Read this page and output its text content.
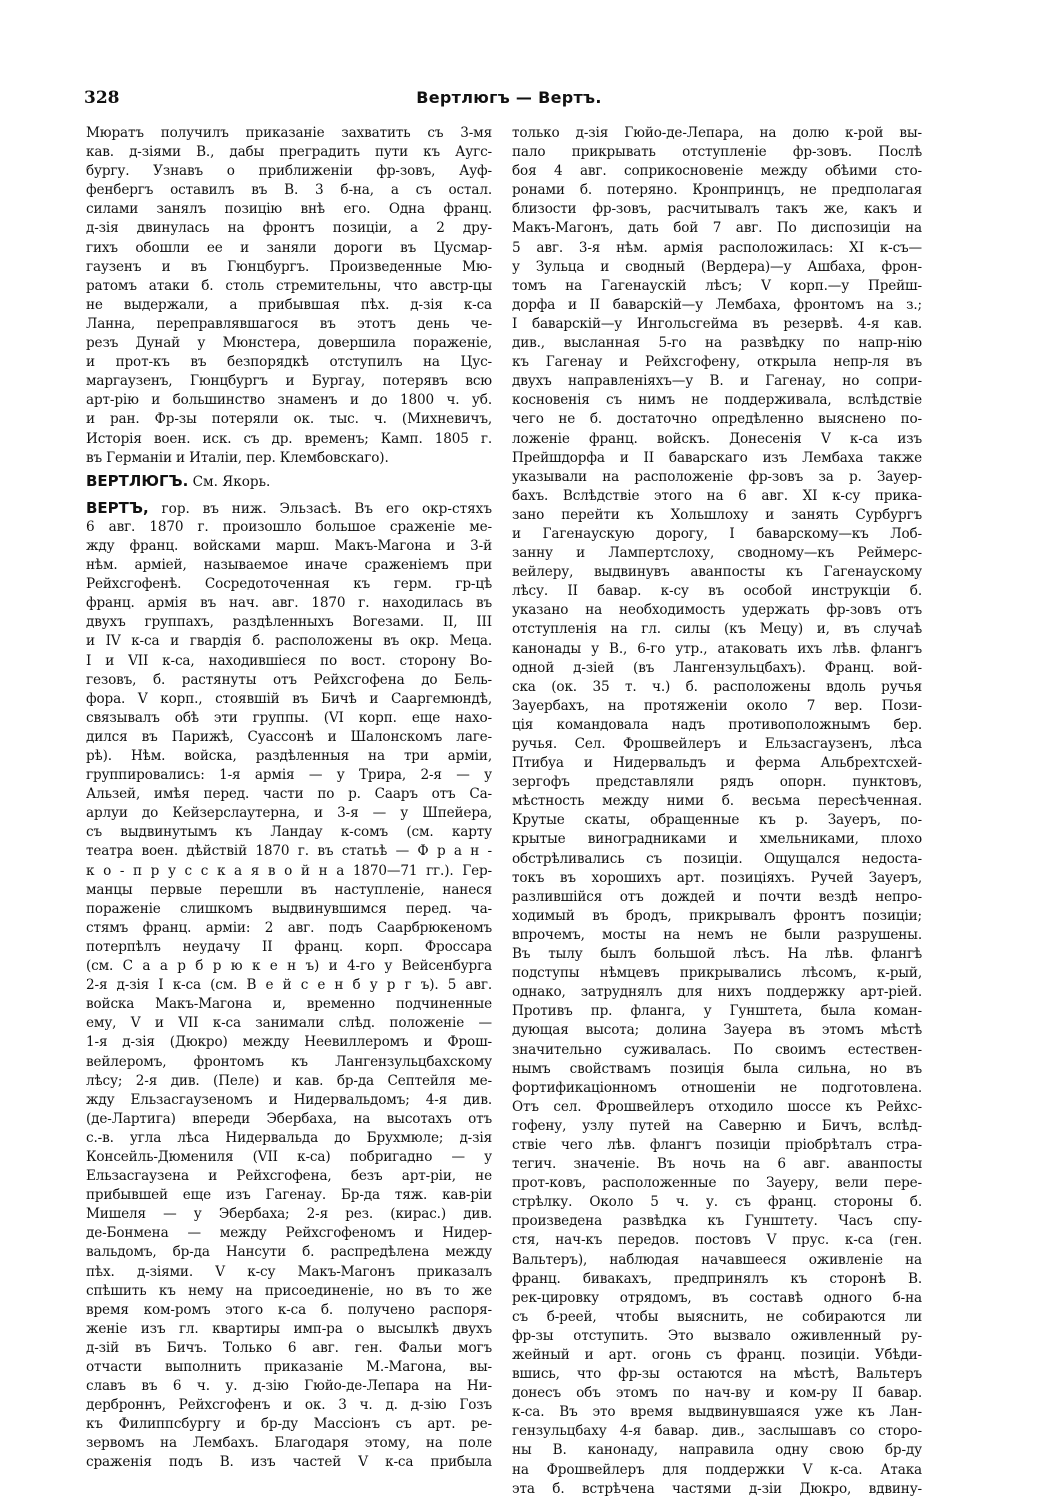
328	Вертлюгъ — Вертъ.
Мюратъ получилъ приказаніе захватить съ 3-мя
кав. д-зіями В., дабы преградить пути къ Аугс-
бургу. Узнавъ о приближеніи фр-зовъ, Ауф-
фенбергъ оставилъ въ В. 3 б-на, а съ остал.
силами занялъ позицію внѣ его. Одна франц.
д-зія двинулась на фронтъ позиціи, а 2 дру-
гихъ обошли ее и заняли дороги въ Цусмар-
гаузенъ и въ Гюнцбургъ. Произведенные Мю-
ратомъ атаки б. столь стремительны, что австр-цы
не выдержали, а прибывшая пѣх. д-зія к-са
Ланна, переправлявшагося въ этотъ день че-
резъ Дунай у Мюнстера, довершила пораженіе,
и прот-къ въ безпорядкѣ отступилъ на Цус-
маргаузенъ, Гюнцбургъ и Бургау, потерявъ всю
арт-рію и большинство знаменъ и до 1800 ч. уб.
и ран. Фр-зы потеряли ок. тыс. ч. (Михневичъ,
Исторія воен. иск. съ др. временъ; Камп. 1805 г.
въ Германіи и Италіи, пер. Клембовскаго).
ВЕРТЛЮГЪ. См. Якорь.
ВЕРТЪ, гор. въ ниж. Эльзасѣ. Въ его окр-стяхъ
6 авг. 1870 г. произошло большое сраженіе ме-
жду франц. войсками марш. Макъ-Магона и 3-й
нѣм. арміей, называемое иначе сраженіемъ при
Рейхсгофенѣ. Сосредоточенная къ герм. гр-цѣ
франц. армія въ нач. авг. 1870 г. находилась въ
двухъ группахъ, раздѣленныхъ Вогезами. II, III
и IV к-са и гвардія б. расположены въ окр. Меца.
I и VII к-са, находившіеся по вост. сторону Во-
гезовъ, б. растянуты отъ Рейхсгофена до Бель-
фора. V корп., стоявшій въ Бичѣ и Сааргемюндѣ,
связывалъ обѣ эти группы. (VI корп. еще нахо-
дился въ Парижѣ, Суассонѣ и Шалонскомъ лаге-
рѣ). Нѣм. войска, раздѣленныя на три арміи,
группировались: 1-я армія — у Трира, 2-я — у
Альзей, имѣя перед. части по р. Сааръ отъ Са-
арлуи до Кейзерслаутерна, и 3-я — у Шпейера,
съ выдвинутымъ къ Ландау к-сомъ (см. карту
театра воен. дѣйствій 1870 г. въ статьѣ — Ф р а н -
к о - п р у с с к а я в о й н а 1870—71 гг.). Гер-
манцы первые перешли въ наступленіе, нанеся
пораженіе слишкомъ выдвинувшимся перед. ча-
стямъ франц. арміи: 2 авг. подъ Саарбрюкеномъ
потерпѣлъ неудачу II франц. корп. Фроссара
(см. С а а р б р ю к е н ъ) и 4-го у Вейсенбурга
2-я д-зія I к-са (см. В е й с е н б у р г ъ). 5 авг.
войска Макъ-Магона и, временно подчиненные
ему, V и VII к-са занимали слѣд. положеніе —
1-я д-зія (Дюкро) между Неевиллеромъ и Фрош-
вейлеромъ, фронтомъ къ Лангензульцбахскому
лѣсу; 2-я див. (Пеле) и кав. бр-да Септейля ме-
жду Ельзасгаузеномъ и Нидервальдомъ; 4-я див.
(де-Лартига) впереди Эбербаха, на высотахъ отъ
с.-в. угла лѣса Нидервальда до Брухмюле; д-зія
Консейль-Дюмениля (VII к-са) побригадно — у
Ельзасгаузена и Рейхсгофена, безъ арт-ріи, не
прибывшей еще изъ Гагенау. Бр-да тяж. кав-ріи
Мишеля — у Эбербаха; 2-я рез. (кирас.) див.
де-Бонмена — между Рейхсгофеномъ и Нидер-
вальдомъ, бр-да Нансути б. распредѣлена между
пѣх. д-зіями. V к-су Макъ-Магонъ приказалъ
спѣшить къ нему на присоединеніе, но въ то же
время ком-ромъ этого к-са б. получено распоря-
женіе изъ гл. квартиры имп-ра о высылкѣ двухъ
д-зій въ Бичъ. Только 6 авг. ген. Фальи могъ
отчасти выполнить приказаніе М.-Магона, вы-
славъ въ 6 ч. у. д-зію Гюйо-де-Лепара на Ни-
дерброннъ, Рейхсгофенъ и ок. 3 ч. д. д-зію Гозъ
къ Филиппсбургу и бр-ду Массіонъ съ арт. ре-
зервомъ на Лембахъ. Благодаря этому, на поле
сраженія подъ В. изъ частей V к-са прибыла
только д-зія Гюйо-де-Лепара, на долю к-рой вы-
пало прикрывать отступленіе фр-зовъ. Послѣ
боя 4 авг. соприкосновеніе между обѣими сто-
ронами б. потеряно. Кронпринцъ, не предполагая
близости фр-зовъ, расчитывалъ такъ же, какъ и
Макъ-Магонъ, дать бой 7 авг. По диспозиціи на
5 авг. 3-я нѣм. армія расположилась: XI к-съ—
у Зульца и сводный (Вердера)—у Ашбаха, фрон-
томъ на Гагенаускій лѣсъ; V корп.—у Прейш-
дорфа и II баварскій—у Лембаха, фронтомъ на з.;
I баварскій—у Ингольсгейма въ резервѣ. 4-я кав.
див., высланная 5-го на развѣдку по напр-нію
къ Гагенау и Рейхсгофену, открыла непр-ля въ
двухъ направленіяхъ—у В. и Гагенау, но сопри-
косновенія съ нимъ не поддерживала, вслѣдствіе
чего не б. достаточно опредѣленно выяснено по-
ложеніе франц. войскъ. Донесенія V к-са изъ
Прейшдорфа и II баварскаго изъ Лембаха также
указывали на расположеніе фр-зовъ за р. Зауер-
бахъ. Вслѣдствіе этого на 6 авг. XI к-су прика-
зано перейти къ Хольшлоху и занять Сурбургъ
и Гагенаускую дорогу, I баварскому—къ Лоб-
занну и Лампертслоху, сводному—къ Реймерс-
вейлеру, выдвинувъ аванпосты къ Гагенаускому
лѣсу. II бавар. к-су въ особой инструкціи б.
указано на необходимость удержать фр-зовъ отъ
отступленія на гл. силы (къ Мецу) и, въ случаѣ
канонады у В., 6-го утр., атаковать ихъ лѣв. флангъ
одной д-зіей (въ Лангензульцбахъ). Франц. вой-
ска (ок. 35 т. ч.) б. расположены вдоль ручья
Зауербахъ, на протяженіи около 7 вер. Пози-
ція командовала надъ противоположнымъ бер.
ручья. Сел. Фрошвейлеръ и Ельзасгаузенъ, лѣса
Птибуа и Нидервальдъ и ферма Альбрехтсхей-
зергофъ представляли рядъ опорн. пунктовъ,
мѣстность между ними б. весьма пересѣченная.
Крутые скаты, обращенные къ р. Зауеръ, по-
крытые виноградниками и хмельниками, плохо
обстрѣливались съ позиціи. Ощущался недоста-
токъ въ хорошихъ арт. позиціяхъ. Ручей Зауеръ,
разлившійся отъ дождей и почти вездѣ непро-
ходимый въ бродъ, прикрывалъ фронтъ позиціи;
впрочемъ, мосты на немъ не были разрушены.
Въ тылу былъ большой лѣсъ. На лѣв. флангѣ
подступы нѣмцевъ прикрывались лѣсомъ, к-рый,
однако, затруднялъ для нихъ поддержку арт-ріей.
Противъ пр. фланга, у Гунштета, была коман-
дующая высота; долина Зауера въ этомъ мѣстѣ
значительно суживалась. По своимъ естествен-
нымъ свойствамъ позиція была сильна, но въ
фортификаціонномъ отношеніи не подготовлена.
Отъ сел. Фрошвейлеръ отходило шоссе къ Рейхс-
гофену, узлу путей на Саверню и Бичъ, вслѣд-
ствіе чего лѣв. флангъ позиціи пріобрѣталъ стра-
тегич. значеніе. Въ ночь на 6 авг. аванпосты
прот-ковъ, расположенные по Зауеру, вели пере-
стрѣлку. Около 5 ч. у. съ франц. стороны б.
произведена развѣдка къ Гунштету. Часъ спу-
стя, нач-къ передов. постовъ V прус. к-са (ген.
Вальтеръ), наблюдая начавшееся оживленіе на
франц. бивакахъ, предпринялъ къ сторонѣ В.
рек-цировку отрядомъ, въ составѣ одного б-на
съ б-реей, чтобы выяснить, не собираются ли
фр-зы отступить. Это вызвало оживленный ру-
жейный и арт. огонь съ франц. позиціи. Убѣди-
вшись, что фр-зы остаются на мѣстѣ, Вальтеръ
донесъ объ этомъ по нач-ву и ком-ру II бавар.
к-са. Въ это время выдвинувшаяся уже къ Лан-
гензульцбаху 4-я бавар. див., заслышавъ со сторо-
ны В. канонаду, направила одну свою бр-ду
на Фрошвейлеръ для поддержки V к-са. Атака
эта б. встрѣчена частями д-зіи Дюкро, вдвину-
